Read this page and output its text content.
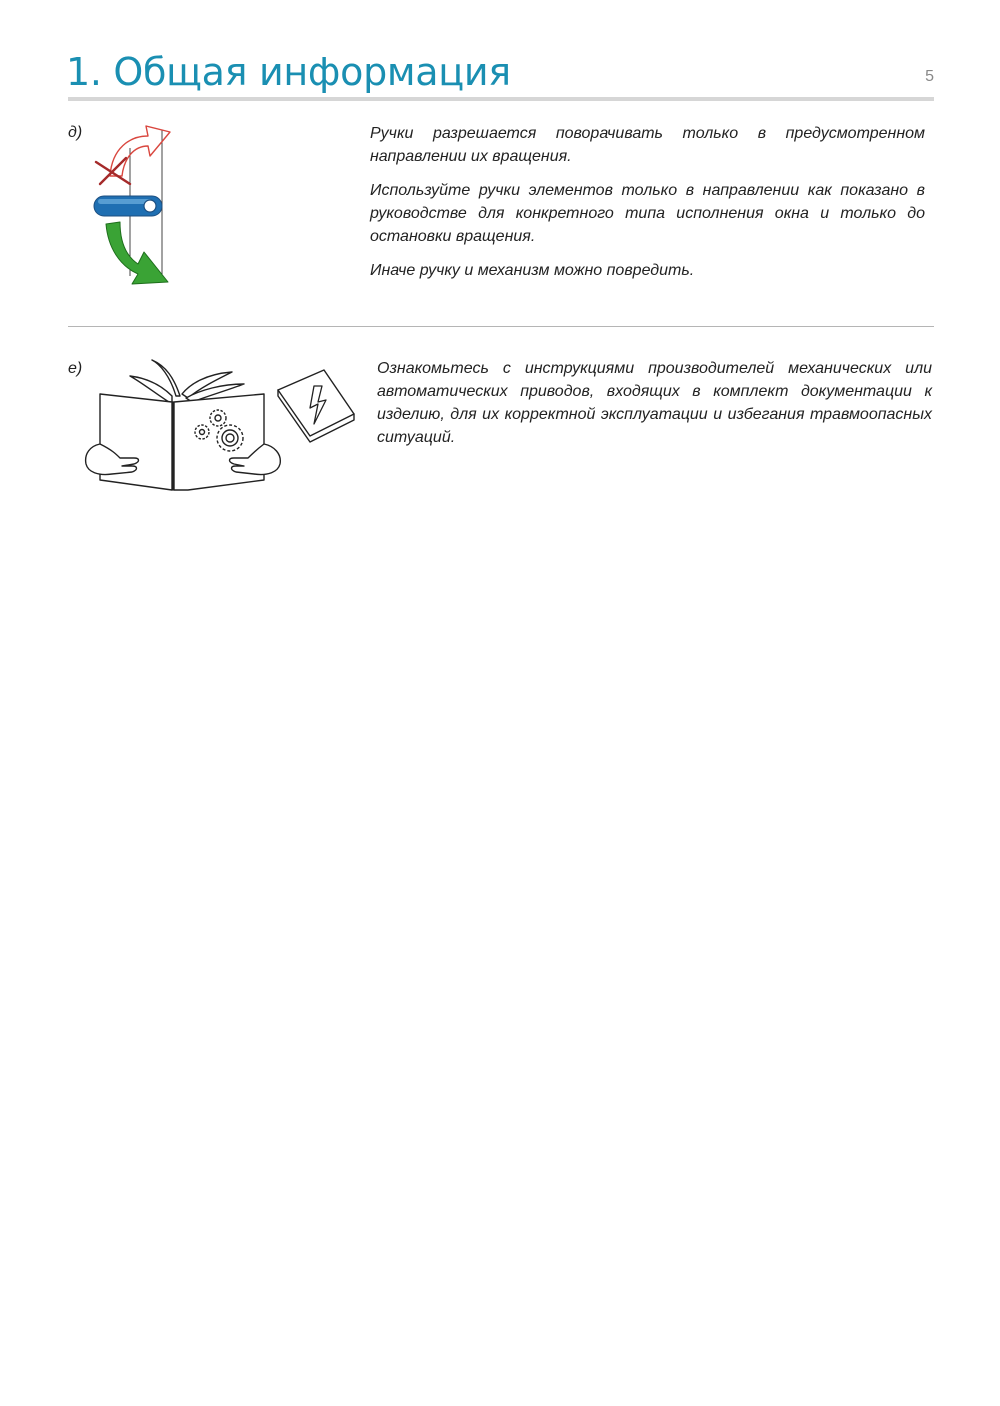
1. Общая информация	5
д)	Ручки разрешается поворачивать только в предусмотренном направлении их вращения.

Используйте ручки элементов только в направлении как показано в руководстве для конкретного типа исполнения окна и только до остановки вращения.

Иначе ручку и механизм можно повредить.

е)	Ознакомьтесь с инструкциями производителей механических или автоматических приводов, входящих в комплект документации к изделию, для их корректной эксплуатации и избегания травмоопасных ситуаций.
